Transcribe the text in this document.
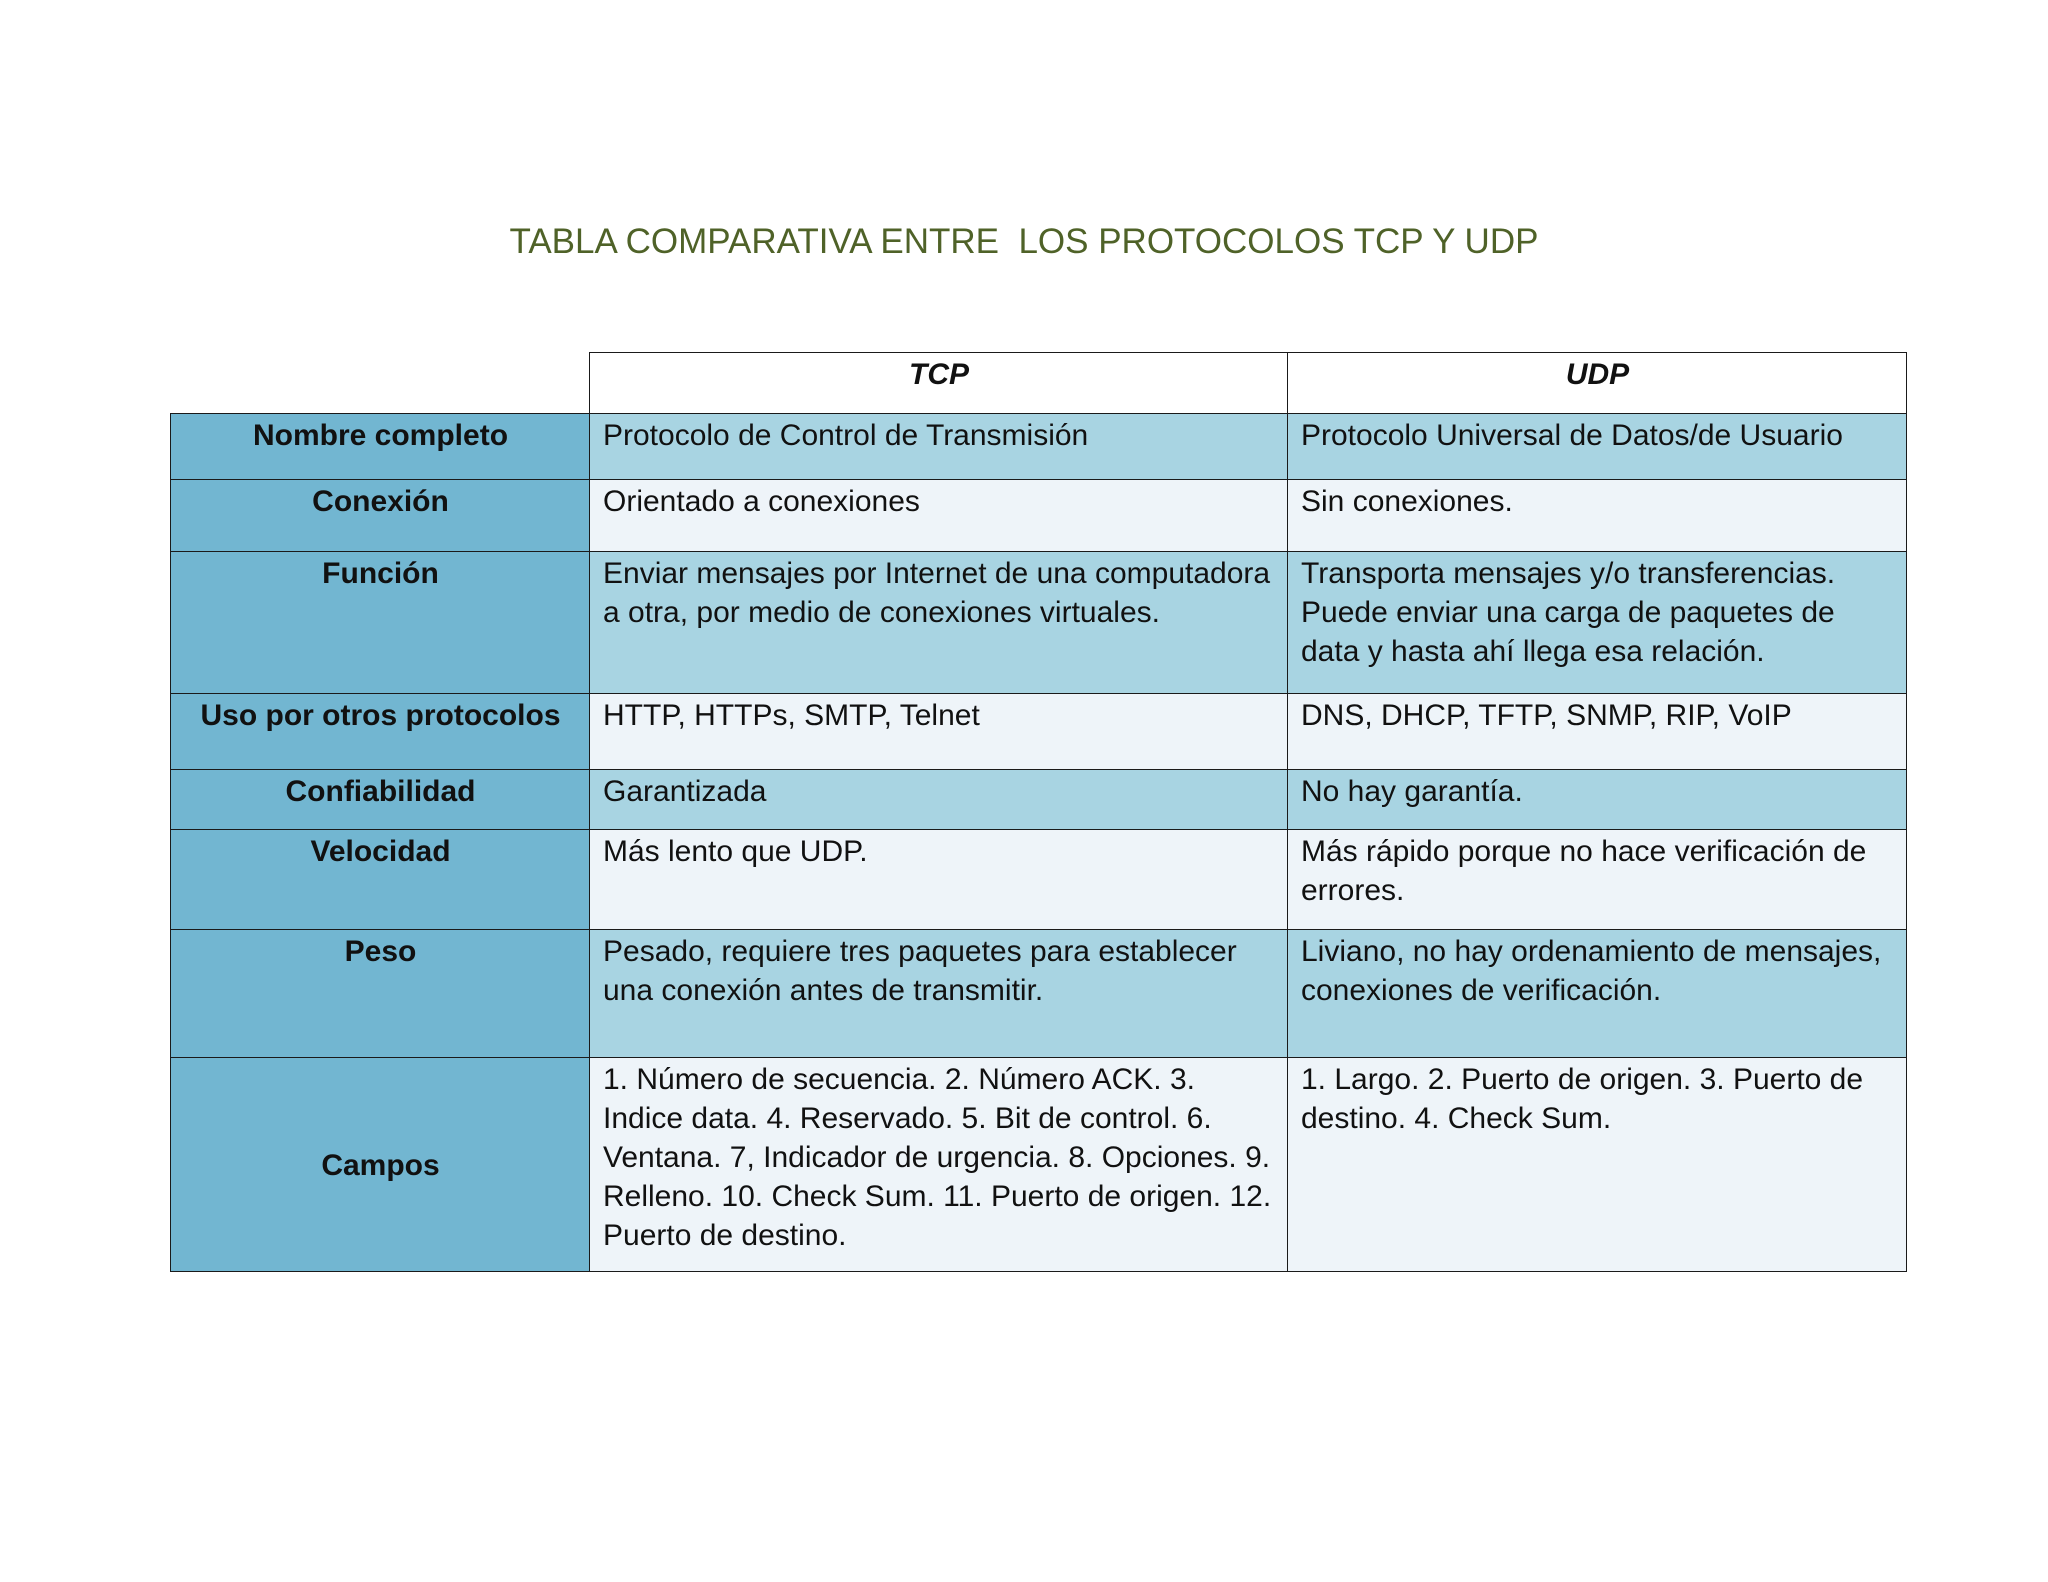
TABLA COMPARATIVA ENTRE  LOS PROTOCOLOS TCP Y UDP
	TCP	UDP
Nombre completo	Protocolo de Control de Transmisión	Protocolo Universal de Datos/de Usuario
Conexión	Orientado a conexiones	Sin conexiones.
Función	Enviar mensajes por Internet de una computadora a otra, por medio de conexiones virtuales.	Transporta mensajes y/o transferencias. Puede enviar una carga de paquetes de data y hasta ahí llega esa relación.
Uso por otros protocolos	HTTP, HTTPs, SMTP, Telnet	DNS, DHCP, TFTP, SNMP, RIP, VoIP
Confiabilidad	Garantizada	No hay garantía.
Velocidad	Más lento que UDP.	Más rápido porque no hace verificación de errores.
Peso	Pesado, requiere tres paquetes para establecer una conexión antes de transmitir.	Liviano, no hay ordenamiento de mensajes, conexiones de verificación.
Campos	1. Número de secuencia. 2. Número ACK. 3. Indice data. 4. Reservado. 5. Bit de control. 6. Ventana. 7, Indicador de urgencia. 8. Opciones. 9. Relleno. 10. Check Sum. 11. Puerto de origen. 12. Puerto de destino.	1. Largo. 2. Puerto de origen. 3. Puerto de destino. 4. Check Sum.
